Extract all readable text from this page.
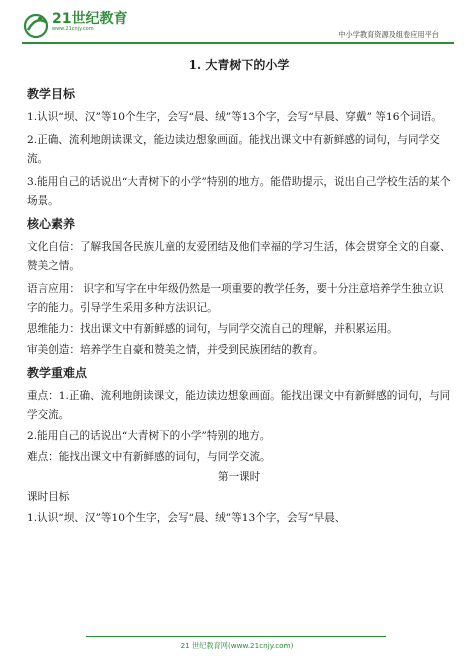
21世纪教育
www.21cnjy.com
中小学教育资源及组卷应用平台
1. 大青树下的小学
教学目标
1.认识“坝、汉”等10个生字，会写“晨、绒”等13个字，会写“早晨、穿戴” 等16个词语。
2.正确、流利地朗读课文，能边读边想象画面。能找出课文中有新鲜感的词句，与同学交流。
3.能用自己的话说出“大青树下的小学”特别的地方。能借助提示，说出自己学校生活的某个场景。
核心素养
文化自信：了解我国各民族儿童的友爱团结及他们幸福的学习生活，体会贯穿全文的自豪、赞美之情。
语言应用： 识字和写字在中年级仍然是一项重要的教学任务，要十分注意培养学生独立识字的能力。引导学生采用多种方法识记。
思维能力：找出课文中有新鲜感的词句，与同学交流自己的理解，并积累运用。
审美创造：培养学生自豪和赞美之情，并受到民族团结的教育。
教学重难点
重点：1.正确、流利地朗读课文，能边读边想象画面。能找出课文中有新鲜感的词句，与同学交流。
2.能用自己的话说出“大青树下的小学”特别的地方。
难点：能找出课文中有新鲜感的词句，与同学交流。
第一课时
课时目标
1.认识“坝、汉”等10个生字，会写“晨、绒”等13个字，会写“早晨、
21 世纪教育网(www.21cnjy.com)
